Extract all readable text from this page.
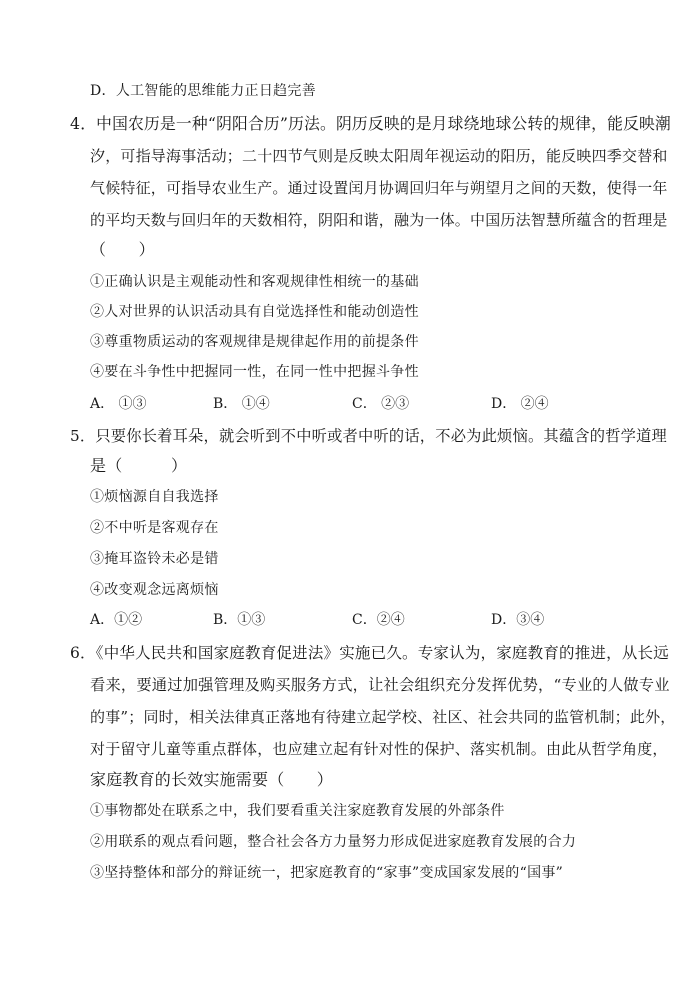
D．人工智能的思维能力正日趋完善
4．中国农历是一种“阴阳合历”历法。阴历反映的是月球绕地球公转的规律，能反映潮
汐，可指导海事活动；二十四节气则是反映太阳周年视运动的阳历，能反映四季交替和
气候特征，可指导农业生产。通过设置闰月协调回归年与朔望月之间的天数，使得一年
的平均天数与回归年的天数相符，阴阳和谐，融为一体。中国历法智慧所蕴含的哲理是
（　　）
①正确认识是主观能动性和客观规律性相统一的基础
②人对世界的认识活动具有自觉选择性和能动创造性
③尊重物质运动的客观规律是规律起作用的前提条件
④要在斗争性中把握同一性，在同一性中把握斗争性
A． ①③	B． ①④	C． ②③	D． ②④
5．只要你长着耳朵，就会听到不中听或者中听的话，不必为此烦恼。其蕴含的哲学道理
是（　　　）
①烦恼源自自我选择
②不中听是客观存在
③掩耳盗铃未必是错
④改变观念远离烦恼
A．①②	B．①③	C．②④	D．③④
6．《中华人民共和国家庭教育促进法》实施已久。专家认为，家庭教育的推进，从长远
看来，要通过加强管理及购买服务方式，让社会组织充分发挥优势，“专业的人做专业
的事”；同时，相关法律真正落地有待建立起学校、社区、社会共同的监管机制；此外，
对于留守儿童等重点群体，也应建立起有针对性的保护、落实机制。由此从哲学角度，
家庭教育的长效实施需要（　　）
①事物都处在联系之中，我们要看重关注家庭教育发展的外部条件
②用联系的观点看问题，整合社会各方力量努力形成促进家庭教育发展的合力
③坚持整体和部分的辩证统一，把家庭教育的“家事”变成国家发展的“国事”
